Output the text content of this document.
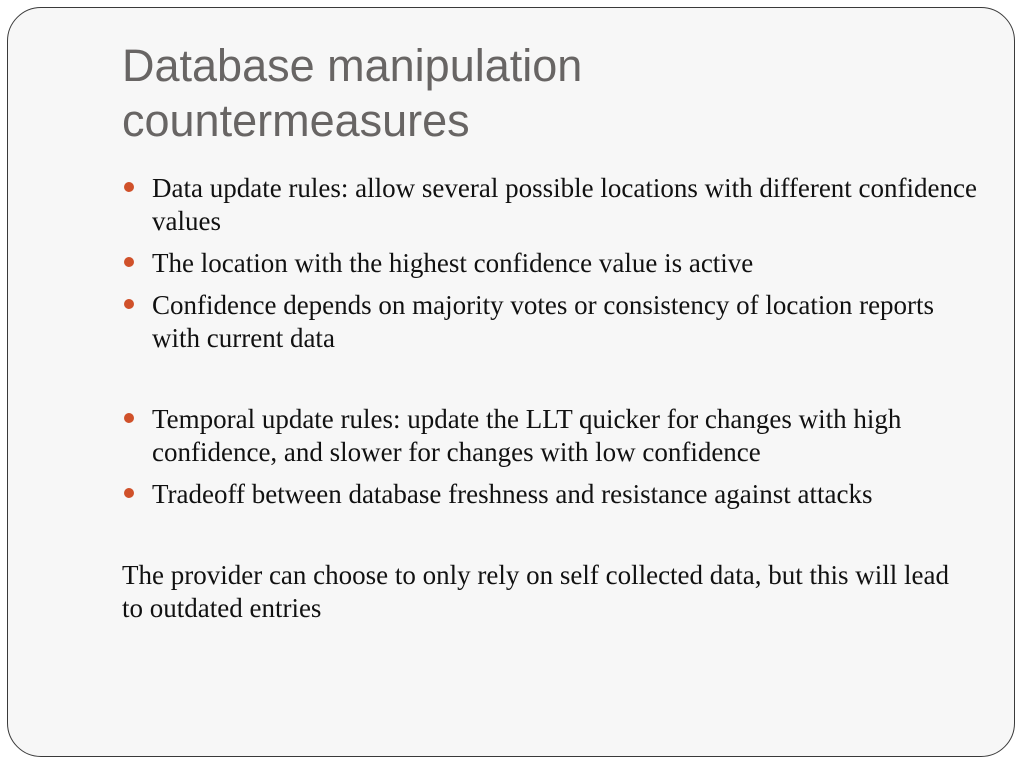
Database manipulation
countermeasures
Data update rules: allow several possible locations with different confidence values
The location with the highest confidence value is active
Confidence depends on majority votes or consistency of location reports with current data
Temporal update rules: update the LLT quicker for changes with high confidence, and slower for changes with low confidence
Tradeoff between database freshness and resistance against attacks

The provider can choose to only rely on self collected data, but this will lead to outdated entries
